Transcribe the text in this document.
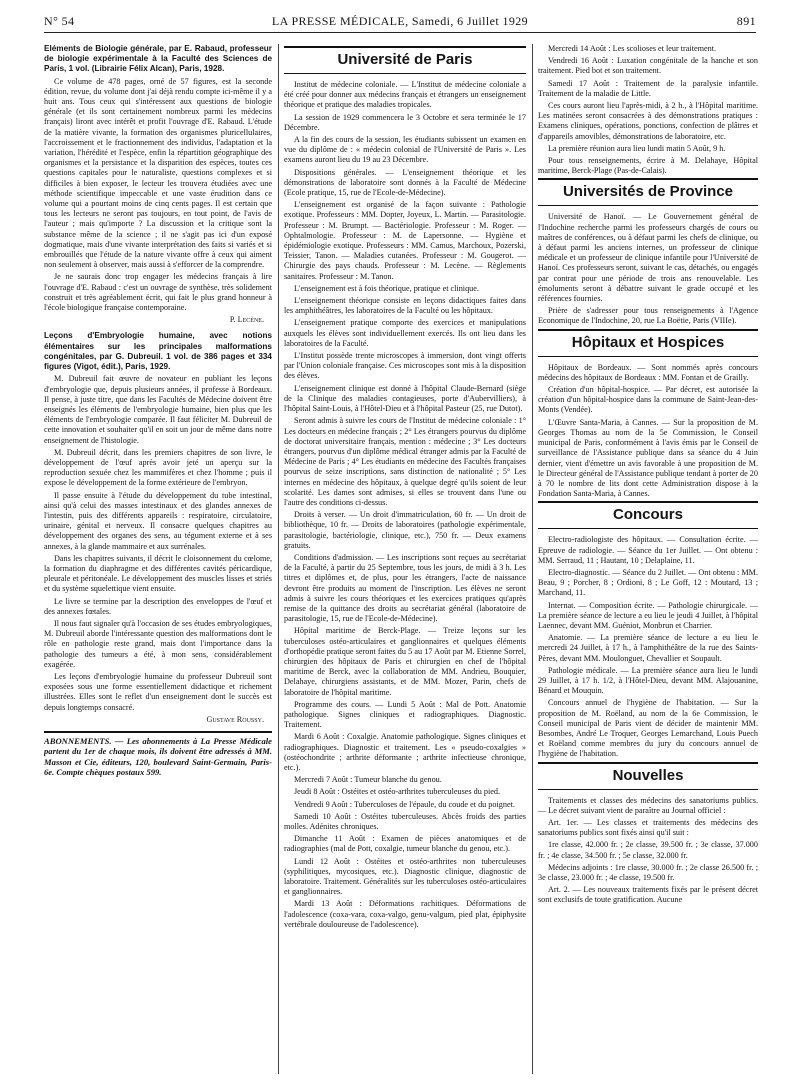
N° 54	LA PRESSE MÉDICALE, Samedi, 6 Juillet 1929	891

Eléments de Biologie générale, par E. Rabaud, professeur de biologie expérimentale à la Faculté des Sciences de Paris, 1 vol. (Librairie Félix Alcan), Paris, 1928.

Ce volume de 478 pages, orné de 57 figures, est la seconde édition, revue, du volume dont j'ai déjà rendu compte ici-même il y a huit ans. Tous ceux qui s'intéressent aux questions de biologie générale (et ils sont certainement nombreux parmi les médecins français) liront avec intérêt et profit l'ouvrage d'E. Rabaud. L'étude de la matière vivante, la formation des organismes pluricellulaires, l'accroissement et le fractionnement des individus, l'adaptation et la variation, l'hérédité et l'espèce, enfin la répartition géographique des organismes et la persistance et la disparition des espèces, toutes ces questions capitales pour le naturaliste, questions complexes et si difficiles à bien exposer, le lecteur les trouvera étudiées avec une méthode scientifique impeccable et une vaste érudition dans ce volume qui a pourtant moins de cinq cents pages. Il est certain que tous les lecteurs ne seront pas toujours, en tout point, de l'avis de l'auteur ; mais qu'importe ? La discussion et la critique sont la substance même de la science ; il ne s'agit pas ici d'un exposé dogmatique, mais d'une vivante interprétation des faits si variés et si embrouillés que l'étude de la nature vivante offre à ceux qui aiment non seulement à observer, mais aussi à s'efforcer de la comprendre.

Je ne saurais donc trop engager les médecins français à lire l'ouvrage d'E. Rabaud : c'est un ouvrage de synthèse, très solidement construit et très agréablement écrit, qui fait le plus grand honneur à l'école biologique française contemporaine.

P. Lecène.

Leçons d'Embryologie humaine, avec notions élémentaires sur les principales malformations congénitales, par G. Dubreuil. 1 vol. de 386 pages et 334 figures (Vigot, édit.), Paris, 1929.

M. Dubreuil fait œuvre de novateur en publiant les leçons d'embryologie que, depuis plusieurs années, il professe à Bordeaux. Il pense, à juste titre, que dans les Facultés de Médecine doivent être enseignés les éléments de l'embryologie humaine, bien plus que les éléments de l'embryologie comparée. Il faut féliciter M. Dubreuil de cette innovation et souhaiter qu'il en soit un jour de même dans notre enseignement de l'histologie.

M. Dubreuil décrit, dans les premiers chapitres de son livre, le développement de l'œuf après avoir jeté un aperçu sur la reproduction sexuée chez les mammifères et chez l'homme ; puis il expose le développement de la forme extérieure de l'embryon.

Il passe ensuite à l'étude du développement du tube intestinal, ainsi qu'à celui des masses intestinaux et des glandes annexes de l'intestin, puis des différents appareils : respiratoire, circulatoire, urinaire, génital et nerveux. Il consacre quelques chapitres au développement des organes des sens, au tégument externe et à ses annexes, à la glande mammaire et aux surrénales.

Dans les chapitres suivants, il décrit le cloisonnement du cœlome, la formation du diaphragme et des différentes cavités péricardique, pleurale et péritonéale. Le développement des muscles lisses et striés et du système squelettique vient ensuite.

Le livre se termine par la description des enveloppes de l'œuf et des annexes fœtales.

Il nous faut signaler qu'à l'occasion de ses études embryologiques, M. Dubreuil aborde l'intéressante question des malformations dont le rôle en pathologie reste grand, mais dont l'importance dans la pathologie des tumeurs a été, à mon sens, considérablement exagérée.

Les leçons d'embryologie humaine du professeur Dubreuil sont exposées sous une forme essentiellement didactique et richement illustrées. Elles sont le reflet d'un enseignement dont le succès est depuis longtemps consacré.

Gustave Roussy.

ABONNEMENTS. — Les abonnements à La Presse Médicale partent du 1er de chaque mois, ils doivent être adressés à MM. Masson et Cie, éditeurs, 120, boulevard Saint-Germain, Paris-6e. Compte chèques postaux 599.
Université de Paris

Institut de médecine coloniale. — L'Institut de médecine coloniale a été créé pour donner aux médecins français et étrangers un enseignement théorique et pratique des maladies tropicales.

La session de 1929 commencera le 3 Octobre et sera terminée le 17 Décembre.

A la fin des cours de la session, les étudiants subissent un examen en vue du diplôme de : « médecin colonial de l'Université de Paris ». Les examens auront lieu du 19 au 23 Décembre.

Dispositions générales. — L'enseignement théorique et les démonstrations de laboratoire sont donnés à la Faculté de Médecine (Ecole pratique, 15, rue de l'Ecole-de-Médecine).

L'enseignement est organisé de la façon suivante : Pathologie exotique. Professeurs : MM. Dopter, Joyeux, L. Martin. — Parasitologie. Professeur : M. Brumpt. — Bactériologie. Professeur : M. Roger. — Ophtalmologie. Professeur : M. de Lapersonne. — Hygiène et épidémiologie exotique. Professeurs : MM. Camus, Marchoux, Pozerski, Teissier, Tanon. — Maladies cutanées. Professeur : M. Gougerot. — Chirurgie des pays chauds. Professeur : M. Lecène. — Règlements sanitaires. Professeur : M. Tanon.

L'enseignement est à fois théorique, pratique et clinique.

L'enseignement théorique consiste en leçons didactiques faites dans les amphithéâtres, les laboratoires de la Faculté ou les hôpitaux.

L'enseignement pratique comporte des exercices et manipulations auxquels les élèves sont individuellement exercés. Ils ont lieu dans les laboratoires de la Faculté.

L'Institut possède trente microscopes à immersion, dont vingt offerts par l'Union coloniale française. Ces microscopes sont mis à la disposition des élèves.

L'enseignement clinique est donné à l'hôpital Claude-Bernard (siège de la Clinique des maladies contagieuses, porte d'Aubervilliers), à l'hôpital Saint-Louis, à l'Hôtel-Dieu et à l'hôpital Pasteur (25, rue Dutot).

Seront admis à suivre les cours de l'Institut de médecine coloniale : 1° Les docteurs en médecine français ; 2° Les étrangers pourvus du diplôme de doctorat universitaire français, mention : médecine ; 3° Les docteurs étrangers, pourvus d'un diplôme médical étranger admis par la Faculté de Médecine de Paris ; 4° Les étudiants en médecine des Facultés françaises pourvus de seize inscriptions, sans distinction de nationalité ; 5° Les internes en médecine des hôpitaux, à quelque degré qu'ils soient de leur scolarité. Les dames sont admises, si elles se trouvent dans l'une ou l'autre des conditions ci-dessus.

Droits à verser. — Un droit d'immatriculation, 60 fr. — Un droit de bibliothèque, 10 fr. — Droits de laboratoires (pathologie expérimentale, parasitologie, bactériologie, clinique, etc.), 750 fr. — Deux examens gratuits.

Conditions d'admission. — Les inscriptions sont reçues au secrétariat de la Faculté, à partir du 25 Septembre, tous les jours, de midi à 3 h. Les titres et diplômes et, de plus, pour les étrangers, l'acte de naissance devront être produits au moment de l'inscription. Les élèves ne seront admis à suivre les cours théoriques et les exercices pratiques qu'après remise de la quittance des droits au secrétariat général (laboratoire de parasitologie, 15, rue de l'Ecole-de-Médecine).

Hôpital maritime de Berck-Plage. — Treize leçons sur les tuberculoses ostéo-articulaires et ganglionnaires et quelques éléments d'orthopédie pratique seront faites du 5 au 17 Août par M. Etienne Sorrel, chirurgien des hôpitaux de Paris et chirurgien en chef de l'hôpital maritime de Berck, avec la collaboration de MM. Andrieu, Bouquier, Delahaye, chirurgiens assistants, et de MM. Mozer, Parin, chefs de laboratoire de l'hôpital maritime.

Programme des cours. — Lundi 5 Août : Mal de Pott. Anatomie pathologique. Signes cliniques et radiographiques. Diagnostic. Traitement.

Mardi 6 Août : Coxalgie. Anatomie pathologique. Signes cliniques et radiographiques. Diagnostic et traitement. Les « pseudo-coxalgies » (ostéochondrite ; arthrite déformante ; arthrite infectieuse chronique, etc.).

Mercredi 7 Août : Tumeur blanche du genou.

Jeudi 8 Août : Ostéites et ostéo-arthrites tuberculeuses du pied.

Vendredi 9 Août : Tuberculoses de l'épaule, du coude et du poignet.

Samedi 10 Août : Ostéites tuberculeuses. Abcès froids des parties molles. Adénites chroniques.

Dimanche 11 Août : Examen de pièces anatomiques et de radiographies (mal de Pott, coxalgie, tumeur blanche du genou, etc.).

Lundi 12 Août : Ostéites et ostéo-arthrites non tuberculeuses (syphilitiques, mycosiques, etc.). Diagnostic clinique, diagnostic de laboratoire. Traitement. Généralités sur les tuberculoses ostéo-articulaires et ganglionnaires.

Mardi 13 Août : Déformations rachitiques. Déformations de l'adolescence (coxa-vara, coxa-valgo, genu-valgum, pied plat, épiphysite vertébrale douloureuse de l'adolescence).

Mercredi 14 Août : Les scolioses et leur traitement.

Vendredi 16 Août : Luxation congénitale de la hanche et son traitement. Pied bot et son traitement.

Samedi 17 Août : Traitement de la paralysie infantile. Traitement de la maladie de Little.

Ces cours auront lieu l'après-midi, à 2 h., à l'Hôpital maritime. Les matinées seront consacrées à des démonstrations pratiques : Examens cliniques, opérations, ponctions, confection de plâtres et d'appareils amovibles, démonstrations de laboratoire, etc.

La première réunion aura lieu lundi matin 5 Août, 9 h.

Pour tous renseignements, écrire à M. Delahaye, Hôpital maritime, Berck-Plage (Pas-de-Calais).

Universités de Province

Université de Hanoï. — Le Gouvernement général de l'Indochine recherche parmi les professeurs chargés de cours ou maîtres de conférences, ou à défaut parmi les chefs de clinique, ou à défaut parmi les anciens internes, un professeur de clinique médicale et un professeur de clinique infantile pour l'Université de Hanoï. Ces professeurs seront, suivant le cas, détachés, ou engagés par contrat pour une période de trois ans renouvelable. Les émoluments seront à débattre suivant le grade occupé et les références fournies.

Prière de s'adresser pour tous renseignements à l'Agence Economique de l'Indochine, 20, rue La Boëtie, Paris (VIIIe).

Hôpitaux et Hospices

Hôpitaux de Bordeaux. — Sont nommés après concours médecins des hôpitaux de Bordeaux : MM. Fontan et de Grailly.

Création d'un hôpital-hospice. — Par décret, est autorisée la création d'un hôpital-hospice dans la commune de Saint-Jean-des-Monts (Vendée).

L'Œuvre Santa-Maria, à Cannes. — Sur la proposition de M. Georges Thomas au nom de la 5e Commission, le Conseil municipal de Paris, conformément à l'avis émis par le Conseil de surveillance de l'Assistance publique dans sa séance du 4 Juin dernier, vient d'émettre un avis favorable à une proposition de M. le Directeur général de l'Assistance publique tendant à porter de 20 à 70 le nombre de lits dont cette Administration dispose à la Fondation Santa-Maria, à Cannes.

Concours

Electro-radiologiste des hôpitaux. — Consultation écrite. — Epreuve de radiologie. — Séance du 1er Juillet. — Ont obtenu : MM. Serraud, 11 ; Hautant, 10 ; Delaplaine, 11.

Electro-diagnostic. — Séance du 2 Juillet. — Ont obtenu : MM. Beau, 9 ; Porcher, 8 ; Ordioni, 8 ; Le Goff, 12 : Moutard, 13 ; Marchand, 11.

Internat. — Composition écrite. — Pathologie chirurgicale. — La première séance de lecture a eu lieu le jeudi 4 Juillet, à l'hôpital Laennec, devant MM. Guéniot, Monbrun et Charrier.

Anatomie. — La première séance de lecture a eu lieu le mercredi 24 Juillet, à 17 h., à l'amphithéâtre de la rue des Saints-Pères, devant MM. Moulonguet, Chevallier et Soupault.

Pathologie médicale. — La première séance aura lieu le lundi 29 Juillet, à 17 h. 1/2, à l'Hôtel-Dieu, devant MM. Alajouanine, Bénard et Mouquin.

Concours annuel de l'hygiène de l'habitation. — Sur la proposition de M. Roëland, au nom de la 6e Commission, le Conseil municipal de Paris vient de décider de maintenir MM. Besombes, André Le Troquer, Georges Lemarchand, Louis Puech et Roëland comme membres du jury du concours annuel de l'hygiène de l'habitation.

Nouvelles

Traitements et classes des médecins des sanatoriums publics. — Le décret suivant vient de paraître au Journal officiel :

Art. 1er. — Les classes et traitements des médecins des sanatoriums publics sont fixés ainsi qu'il suit :

1re classe, 42.000 fr. ; 2e classe, 39.500 fr. ; 3e classe, 37.000 fr. ; 4e classe, 34.500 fr. ; 5e classe, 32.000 fr.

Médecins adjoints : 1re classe, 30.000 fr. ; 2e classe 26.500 fr. ; 3e classe, 23.000 fr. ; 4e classe, 19.500 fr.

Art. 2. — Les nouveaux traitements fixés par le présent décret sont exclusifs de toute gratification. Aucune
